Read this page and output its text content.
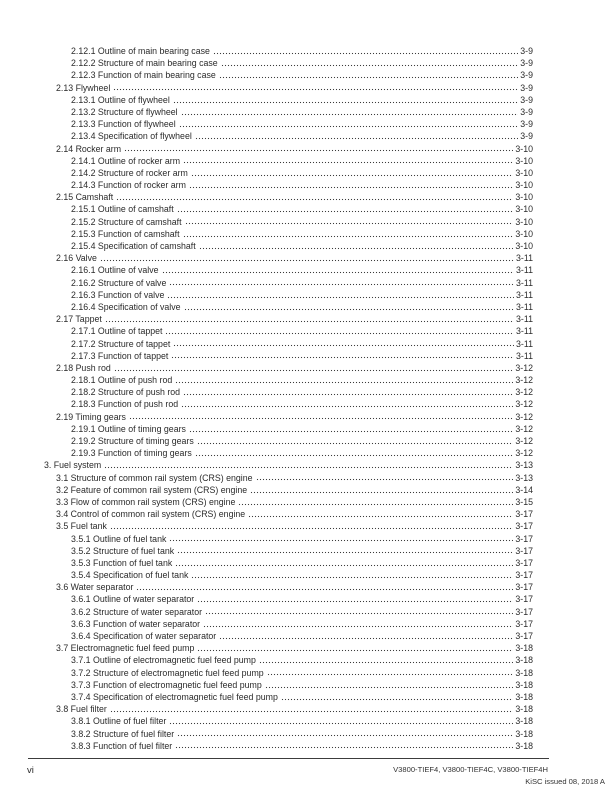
2.12.1 Outline of main bearing case	3-9
2.12.2 Structure of main bearing case	3-9
2.12.3 Function of main bearing case	3-9
2.13 Flywheel	3-9
2.13.1 Outline of flywheel	3-9
2.13.2 Structure of flywheel	3-9
2.13.3 Function of flywheel	3-9
2.13.4 Specification of flywheel	3-9
2.14 Rocker arm	3-10
2.14.1 Outline of rocker arm	3-10
2.14.2 Structure of rocker arm	3-10
2.14.3 Function of rocker arm	3-10
2.15 Camshaft	3-10
2.15.1 Outline of camshaft	3-10
2.15.2 Structure of camshaft	3-10
2.15.3 Function of camshaft	3-10
2.15.4 Specification of camshaft	3-10
2.16 Valve	3-11
2.16.1 Outline of valve	3-11
2.16.2 Structure of valve	3-11
2.16.3 Function of valve	3-11
2.16.4 Specification of valve	3-11
2.17 Tappet	3-11
2.17.1 Outline of tappet	3-11
2.17.2 Structure of tappet	3-11
2.17.3 Function of tappet	3-11
2.18 Push rod	3-12
2.18.1 Outline of push rod	3-12
2.18.2 Structure of push rod	3-12
2.18.3 Function of push rod	3-12
2.19 Timing gears	3-12
2.19.1 Outline of timing gears	3-12
2.19.2 Structure of timing gears	3-12
2.19.3 Function of timing gears	3-12
3. Fuel system	3-13
3.1 Structure of common rail system (CRS) engine	3-13
3.2 Feature of common rail system (CRS) engine	3-14
3.3 Flow of common rail system (CRS) engine	3-15
3.4 Control of common rail system (CRS) engine	3-17
3.5 Fuel tank	3-17
3.5.1 Outline of fuel tank	3-17
3.5.2 Structure of fuel tank	3-17
3.5.3 Function of fuel tank	3-17
3.5.4 Specification of fuel tank	3-17
3.6 Water separator	3-17
3.6.1 Outline of water separator	3-17
3.6.2 Structure of water separator	3-17
3.6.3 Function of water separator	3-17
3.6.4 Specification of water separator	3-17
3.7 Electromagnetic fuel feed pump	3-18
3.7.1 Outline of electromagnetic fuel feed pump	3-18
3.7.2 Structure of electromagnetic fuel feed pump	3-18
3.7.3 Function of electromagnetic fuel feed pump	3-18
3.7.4 Specification of electromagnetic fuel feed pump	3-18
3.8 Fuel filter	3-18
3.8.1 Outline of fuel filter	3-18
3.8.2 Structure of fuel filter	3-18
3.8.3 Function of fuel filter	3-18
vi	V3800-TIEF4, V3800-TIEF4C, V3800-TIEF4H
KiSC issued 08, 2018 A
